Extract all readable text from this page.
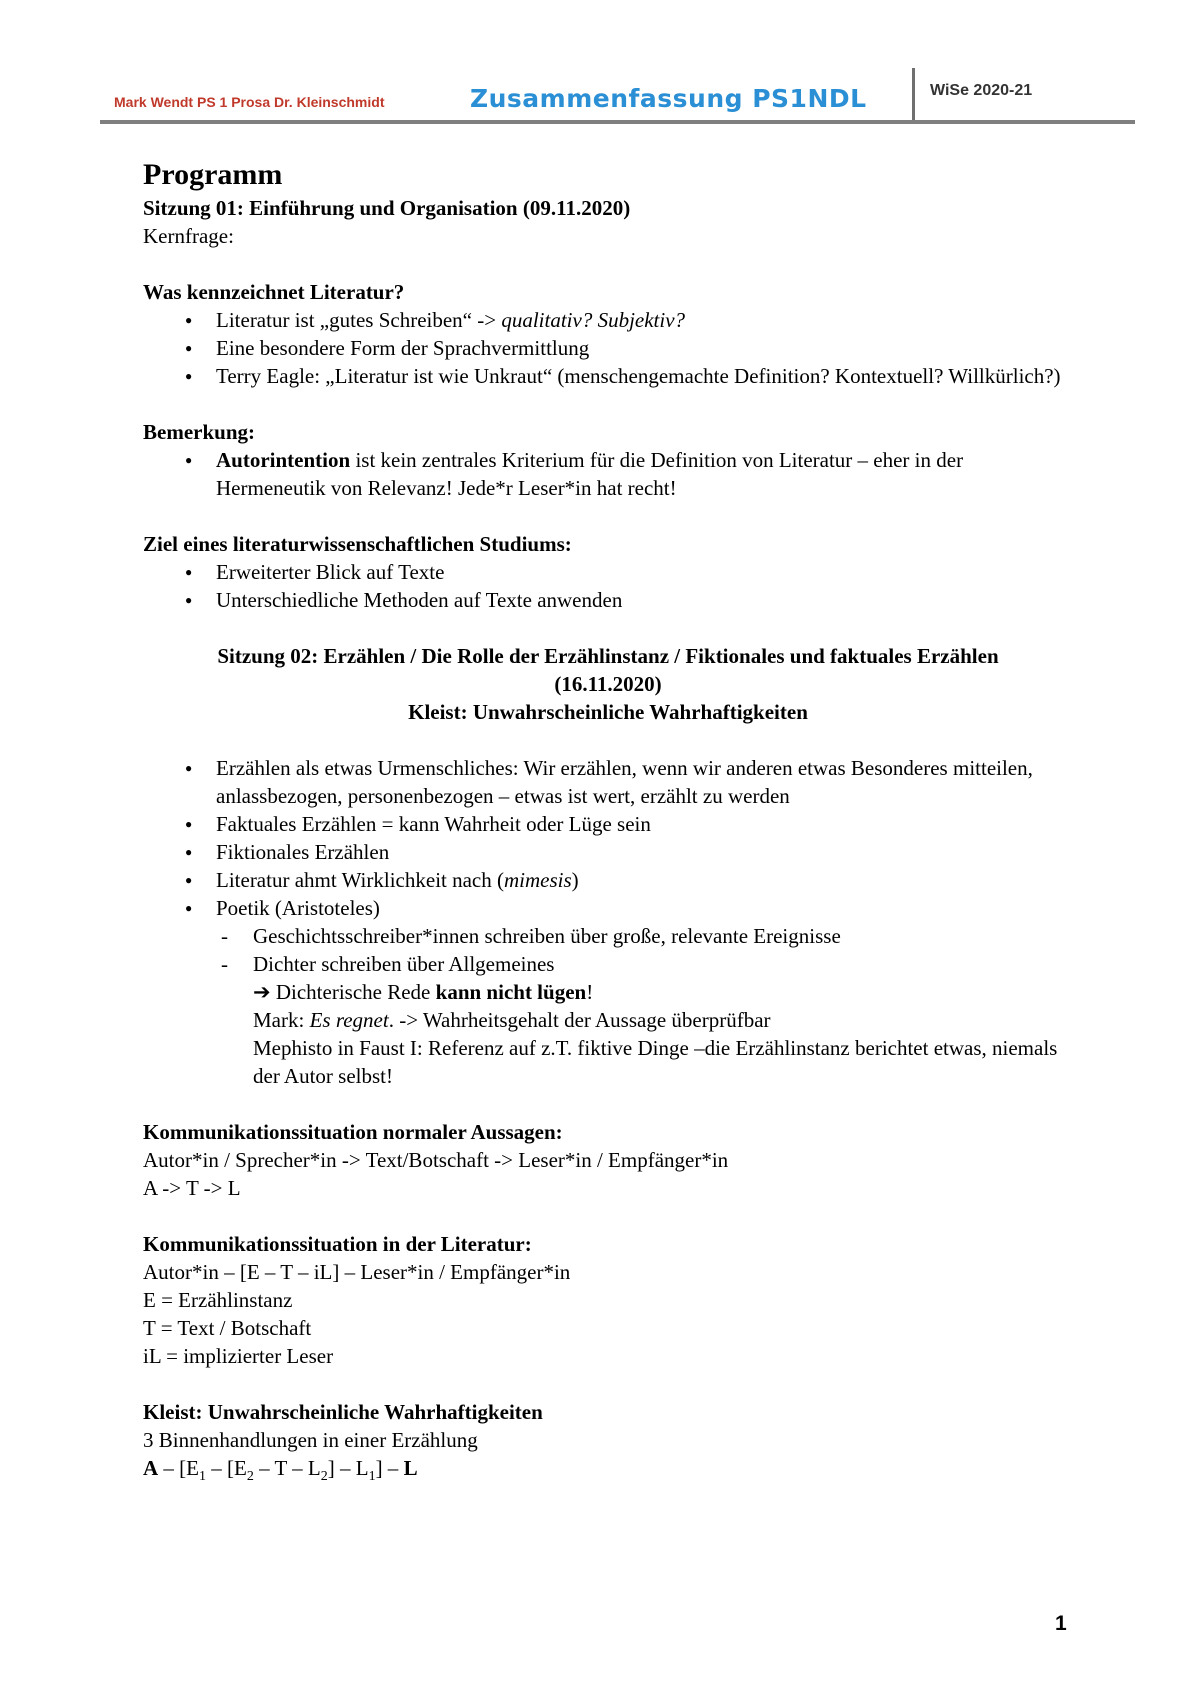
Mark Wendt PS 1 Prosa Dr. Kleinschmidt	Zusammenfassung PS1NDL	WiSe 2020-21
Programm
Sitzung 01: Einführung und Organisation (09.11.2020)
Kernfrage:
Was kennzeichnet Literatur?
● Literatur ist „gutes Schreiben“ -> qualitativ? Subjektiv?
● Eine besondere Form der Sprachvermittlung
● Terry Eagle: „Literatur ist wie Unkraut“ (menschengemachte Definition? Kontextuell? Willkürlich?)
Bemerkung:
● Autorintention ist kein zentrales Kriterium für die Definition von Literatur – eher in der Hermeneutik von Relevanz! Jede*r Leser*in hat recht!
Ziel eines literaturwissenschaftlichen Studiums:
● Erweiterter Blick auf Texte
● Unterschiedliche Methoden auf Texte anwenden
Sitzung 02: Erzählen / Die Rolle der Erzählinstanz / Fiktionales und faktuales Erzählen
(16.11.2020)
Kleist: Unwahrscheinliche Wahrhaftigkeiten
● Erzählen als etwas Urmenschliches: Wir erzählen, wenn wir anderen etwas Besonderes mitteilen, anlassbezogen, personenbezogen – etwas ist wert, erzählt zu werden
● Faktuales Erzählen = kann Wahrheit oder Lüge sein
● Fiktionales Erzählen
● Literatur ahmt Wirklichkeit nach (mimesis)
● Poetik (Aristoteles)
- Geschichtsschreiber*innen schreiben über große, relevante Ereignisse
- Dichter schreiben über Allgemeines
➔ Dichterische Rede kann nicht lügen!
Mark: Es regnet. -> Wahrheitsgehalt der Aussage überprüfbar
Mephisto in Faust I: Referenz auf z.T. fiktive Dinge –die Erzählinstanz berichtet etwas, niemals der Autor selbst!
Kommunikationssituation normaler Aussagen:
Autor*in / Sprecher*in -> Text/Botschaft -> Leser*in / Empfänger*in
A -> T -> L
Kommunikationssituation in der Literatur:
Autor*in – [E – T – iL] – Leser*in / Empfänger*in
E = Erzählinstanz
T = Text / Botschaft
iL = implizierter Leser
Kleist: Unwahrscheinliche Wahrhaftigkeiten
3 Binnenhandlungen in einer Erzählung
A – [$E_1 - [E_2$ – T – $L_2] - L_1$] – L
1
